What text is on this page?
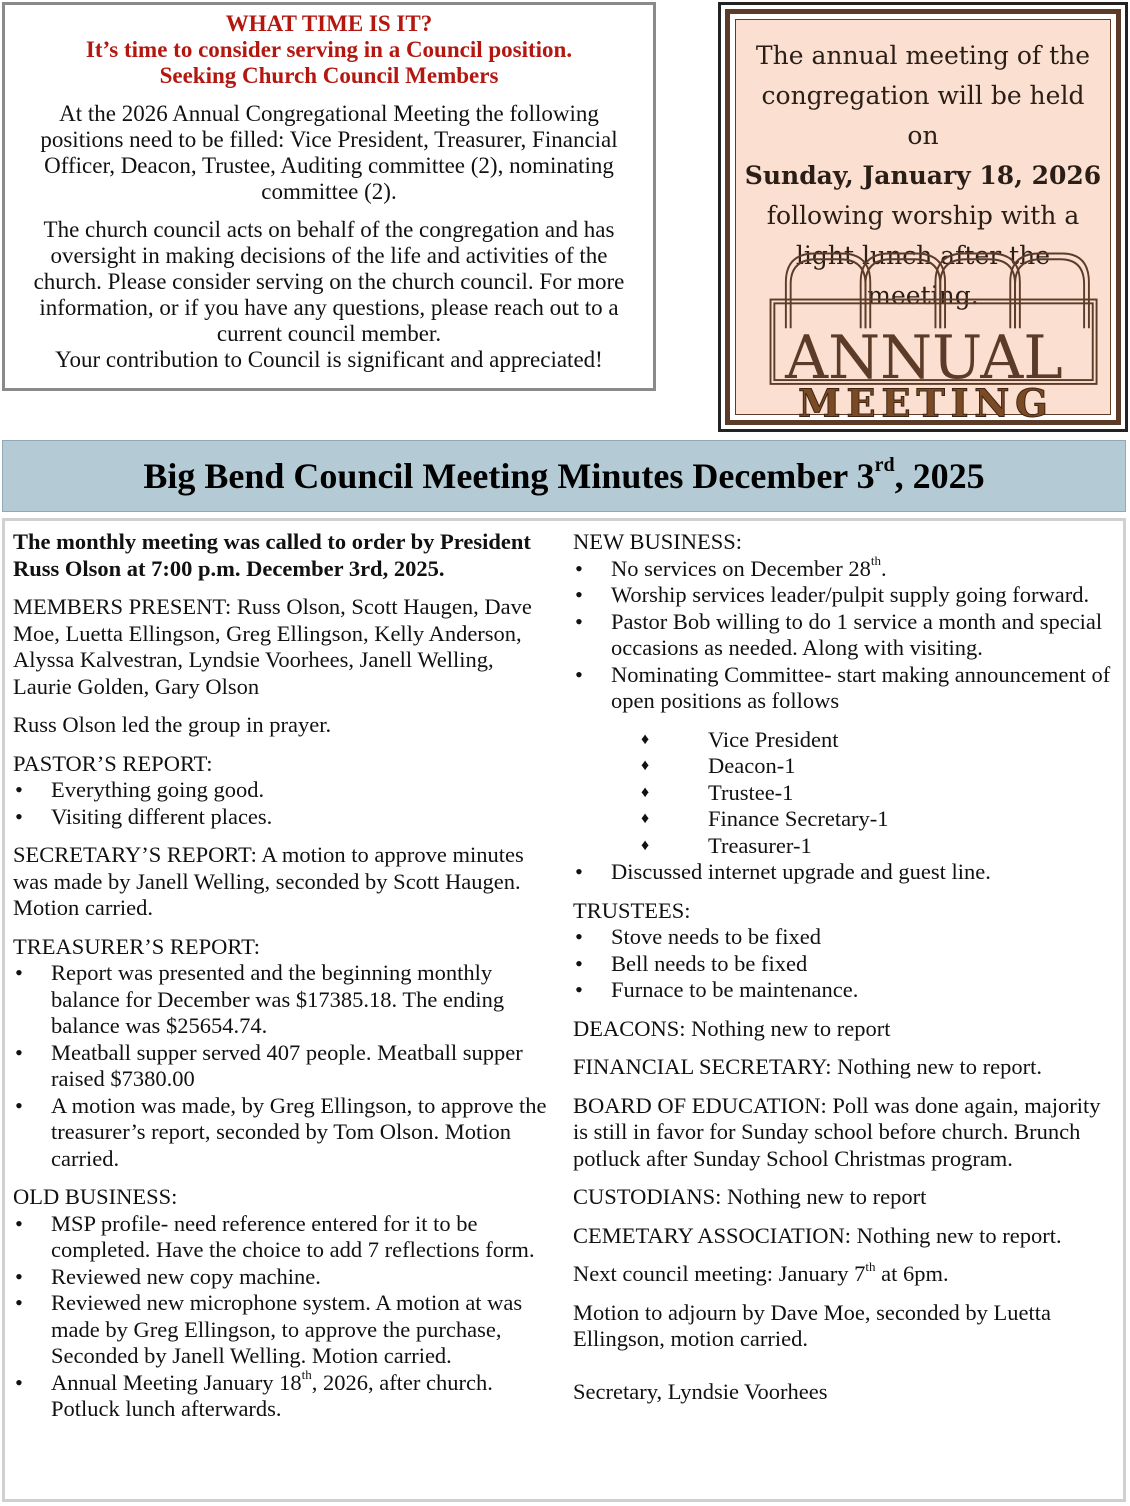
WHAT TIME IS IT?
It’s time to consider serving in a Council position.
Seeking Church Council Members

At the 2026 Annual Congregational Meeting the following positions need to be filled: Vice President, Treasurer, Financial Officer, Deacon, Trustee, Auditing committee (2), nominating committee (2).

The church council acts on behalf of the congregation and has oversight in making decisions of the life and activities of the church. Please consider serving on the church council. For more information, or if you have any questions, please reach out to a current council member.

Your contribution to Council is significant and appreciated!

The annual meeting of the congregation will be held on
Sunday, January 18, 2026
following worship with a light lunch after the meeting.
ANNUAL
MEETING
Big Bend Council Meeting Minutes December 3rd, 2025

The monthly meeting was called to order by President Russ Olson at 7:00 p.m. December 3rd, 2025.

MEMBERS PRESENT: Russ Olson, Scott Haugen, Dave Moe, Luetta Ellingson, Greg Ellingson, Kelly Anderson, Alyssa Kalvestran, Lyndsie Voorhees, Janell Welling, Laurie Golden, Gary Olson

Russ Olson led the group in prayer.

PASTOR’S REPORT:
• Everything going good.
• Visiting different places.

SECRETARY’S REPORT: A motion to approve minutes was made by Janell Welling, seconded by Scott Haugen. Motion carried.

TREASURER’S REPORT:
• Report was presented and the beginning monthly balance for December was $17385.18. The ending balance was $25654.74.
• Meatball supper served 407 people. Meatball supper raised $7380.00
• A motion was made, by Greg Ellingson, to approve the treasurer’s report, seconded by Tom Olson. Motion carried.
OLD BUSINESS:
• MSP profile- need reference entered for it to be completed. Have the choice to add 7 reflections form.
• Reviewed new copy machine.
• Reviewed new microphone system. A motion at was made by Greg Ellingson, to approve the purchase, Seconded by Janell Welling. Motion carried.
• Annual Meeting January 18th, 2026, after church. Potluck lunch afterwards.
NEW BUSINESS:
• No services on December 28th.
• Worship services leader/pulpit supply going forward.
• Pastor Bob willing to do 1 service a month and special occasions as needed. Along with visiting.
• Nominating Committee- start making announcement of open positions as follows
♦ Vice President
♦ Deacon-1
♦ Trustee-1
♦ Finance Secretary-1
♦ Treasurer-1
• Discussed internet upgrade and guest line.
TRUSTEES:
• Stove needs to be fixed
• Bell needs to be fixed
• Furnace to be maintenance.

DEACONS: Nothing new to report

FINANCIAL SECRETARY: Nothing new to report.

BOARD OF EDUCATION: Poll was done again, majority is still in favor for Sunday school before church. Brunch potluck after Sunday School Christmas program.

CUSTODIANS: Nothing new to report

CEMETARY ASSOCIATION: Nothing new to report.

Next council meeting: January 7th at 6pm.

Motion to adjourn by Dave Moe, seconded by Luetta Ellingson, motion carried.

Secretary, Lyndsie Voorhees
